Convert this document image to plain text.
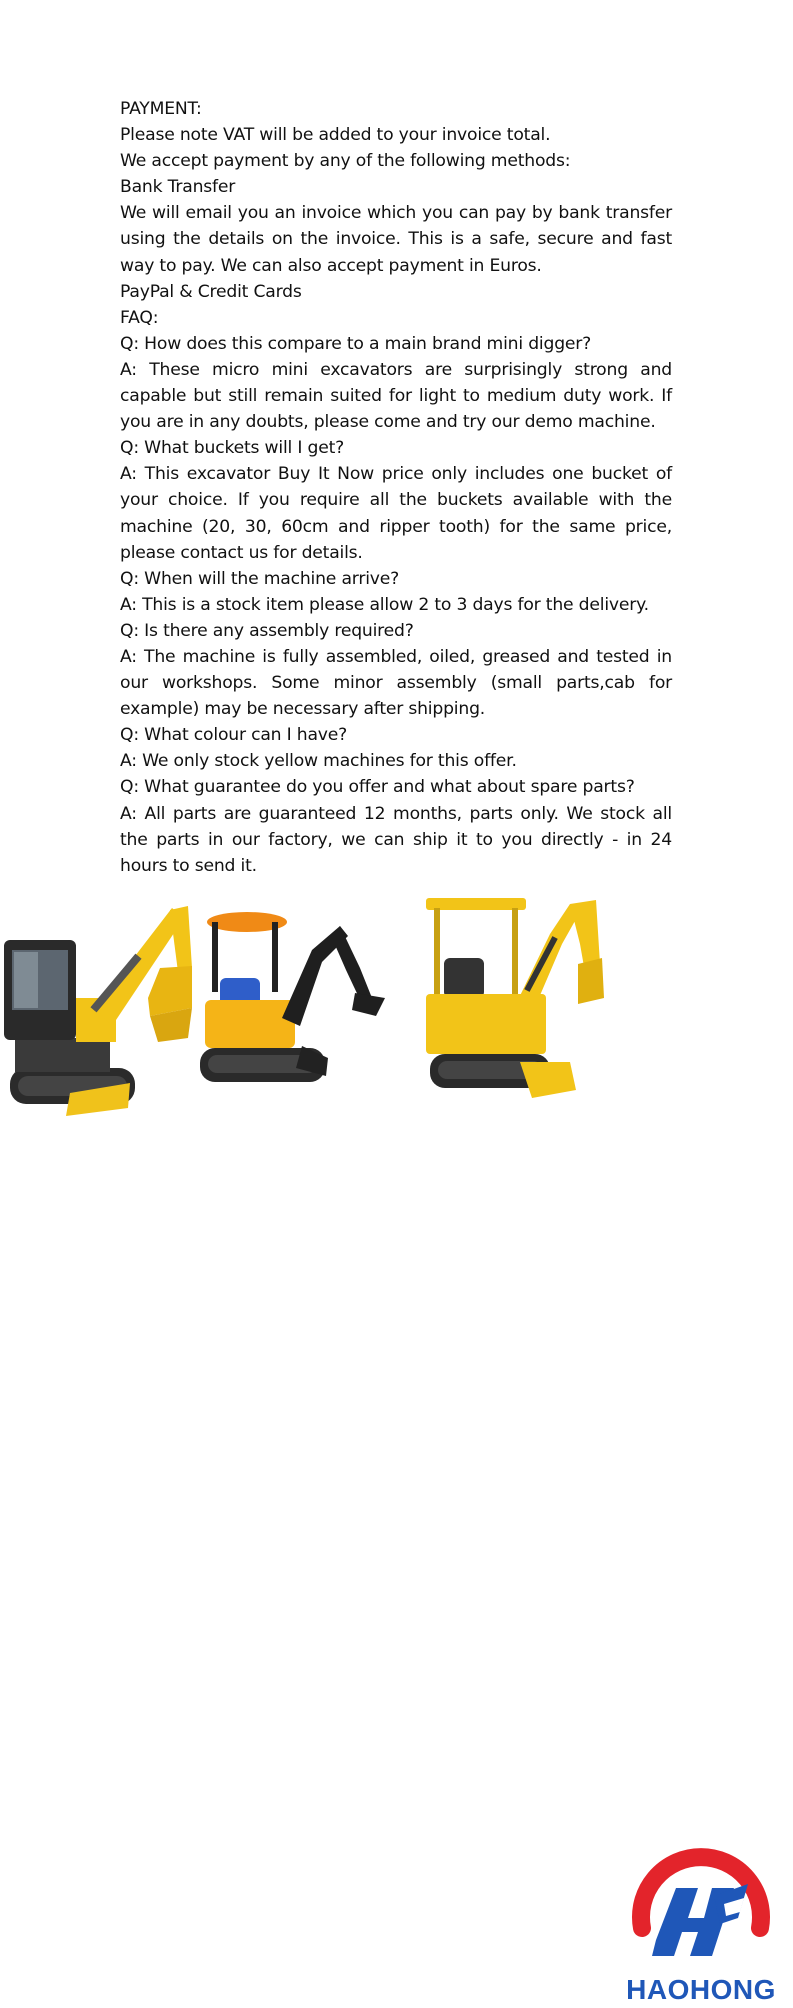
PAYMENT:

Please note VAT will be added to your invoice total.

We accept payment by any of the following methods:

Bank Transfer

We will email you an invoice which you can pay by bank transfer using the details on the invoice. This is a safe, secure and fast way to pay. We can also accept payment in Euros.

PayPal & Credit Cards

FAQ:

Q: How does this compare to a main brand mini digger?

A: These micro mini excavators are surprisingly strong and capable but still remain suited for light to medium duty work. If you are in any doubts, please come and try our demo machine.

Q: What buckets will I get?

A: This excavator Buy It Now price only includes one bucket of your choice. If you require all the buckets available with the machine (20, 30, 60cm and ripper tooth) for the same price, please contact us for details.

Q: When will the machine arrive?

A: This is a stock item please allow 2 to 3 days for the delivery.

Q: Is there any assembly required?

A: The machine is fully assembled, oiled, greased and tested in our workshops. Some minor assembly (small parts,cab for example) may be necessary after shipping.

Q: What colour can I have?

A: We only stock yellow machines for this offer.

Q: What guarantee do you offer and what about spare parts?

A: All parts are guaranteed 12 months, parts only. We stock all the parts in our factory, we can ship it to you directly - in 24 hours to send it.

HAOHONG
